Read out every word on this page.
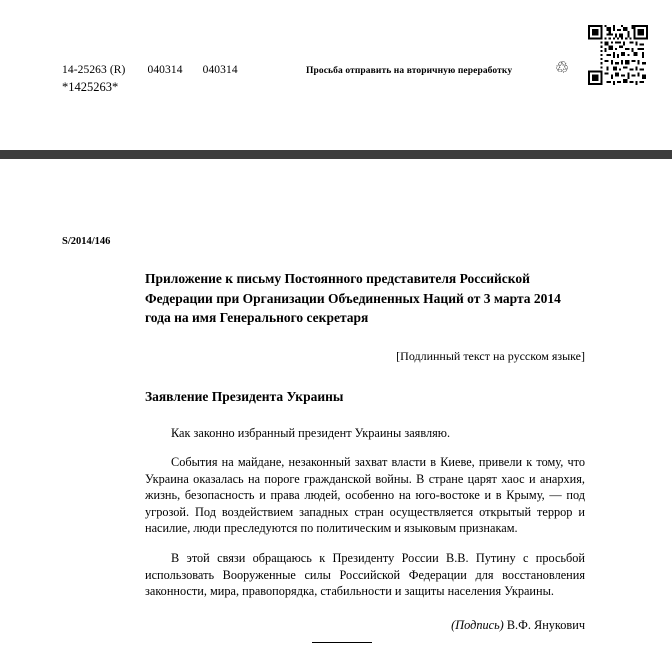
14-25263 (R) 040314 040314
*1425263*
Просьба отправить на вторичную переработку	♲
S/2014/146
Приложение к письму Постоянного представителя Российской Федерации при Организации Объединенных Наций от 3 марта 2014 года на имя Генерального секретаря
[Подлинный текст на русском языке]
Заявление Президента Украины

Как законно избранный президент Украины заявляю.

События на майдане, незаконный захват власти в Киеве, привели к тому, что Украина оказалась на пороге гражданской войны. В стране царят хаос и анархия, жизнь, безопасность и права людей, особенно на юго-востоке и в Крыму, — под угрозой. Под воздействием западных стран осуществляется открытый террор и насилие, люди преследуются по политическим и языковым признакам.

В этой связи обращаюсь к Президенту России В.В. Путину с просьбой использовать Вооруженные силы Российской Федерации для восстановления законности, мира, правопорядка, стабильности и защиты населения Украины.

(Подпись) В.Ф. Янукович
